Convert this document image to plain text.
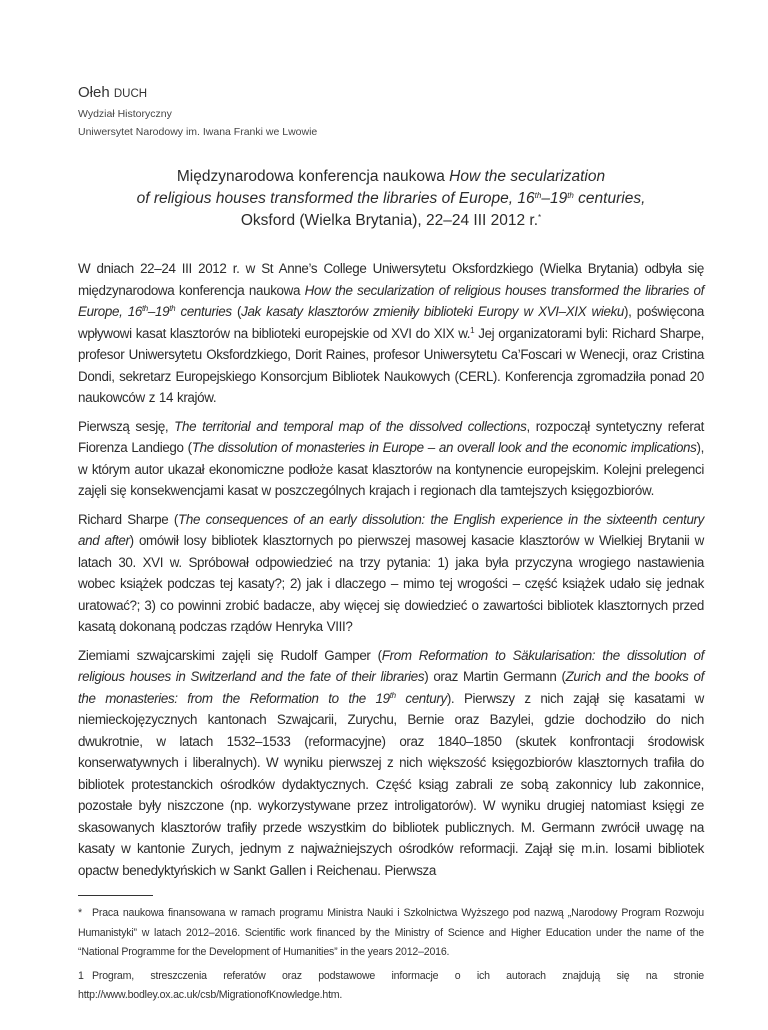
Ołeh DUCH
Wydział Historyczny
Uniwersytet Narodowy im. Iwana Franki we Lwowie
Międzynarodowa konferencja naukowa How the secularization
of religious houses transformed the libraries of Europe, 16th–19th centuries,
Oksford (Wielka Brytania), 22–24 III 2012 r.*

W dniach 22–24 III 2012 r. w St Anne’s College Uniwersytetu Oksfordzkiego (Wielka Brytania) odbyła się międzynarodowa konferencja naukowa How the secularization of religious houses transformed the libraries of Europe, 16th–19th centuries (Jak kasaty klasztorów zmieniły biblioteki Europy w XVI–XIX wieku), poświęcona wpływowi kasat klasztorów na biblioteki europejskie od XVI do XIX w.$^1$ Jej organizatorami byli: Richard Sharpe, profesor Uniwersytetu Oksfordzkiego, Dorit Raines, profesor Uniwersytetu Ca’Foscari w Wenecji, oraz Cristina Dondi, sekretarz Europejskiego Konsorcjum Bibliotek Naukowych (CERL). Konferencja zgromadziła ponad 20 naukowców z 14 krajów.

Pierwszą sesję, The territorial and temporal map of the dissolved collections, rozpoczął syntetyczny referat Fiorenza Landiego (The dissolution of monasteries in Europe – an overall look and the economic implications), w którym autor ukazał ekonomiczne podłoże kasat klasztorów na kontynencie europejskim. Kolejni prelegenci zajęli się konsekwencjami kasat w poszczególnych krajach i regionach dla tamtejszych księgozbiorów.

Richard Sharpe (The consequences of an early dissolution: the English experience in the sixteenth century and after) omówił losy bibliotek klasztornych po pierwszej masowej kasacie klasztorów w Wielkiej Brytanii w latach 30. XVI w. Spróbował odpowiedzieć na trzy pytania: 1) jaka była przyczyna wrogiego nastawienia wobec książek podczas tej kasaty?; 2) jak i dlaczego – mimo tej wrogości – część książek udało się jednak uratować?; 3) co powinni zrobić badacze, aby więcej się dowiedzieć o zawartości bibliotek klasztornych przed kasatą dokonaną podczas rządów Henryka VIII?

Ziemiami szwajcarskimi zajęli się Rudolf Gamper (From Reformation to Säkularisation: the dissolution of religious houses in Switzerland and the fate of their libraries) oraz Martin Germann (Zurich and the books of the monasteries: from the Reformation to the 19th century). Pierwszy z nich zajął się kasatami w niemieckojęzycznych kantonach Szwajcarii, Zurychu, Bernie oraz Bazylei, gdzie dochodziło do nich dwukrotnie, w latach 1532–1533 (reformacyjne) oraz 1840–1850 (skutek konfrontacji środowisk konserwatywnych i liberalnych). W wyniku pierwszej z nich większość księgozbiorów klasztornych trafiła do bibliotek protestanckich ośrodków dydaktycznych. Część ksiąg zabrali ze sobą zakonnicy lub zakonnice, pozostałe były niszczone (np. wykorzystywane przez introligatorów). W wyniku drugiej natomiast księgi ze skasowanych klasztorów trafiły przede wszystkim do bibliotek publicznych. M. Germann zwrócił uwagę na kasaty w kantonie Zurych, jednym z najważniejszych ośrodków reformacji. Zajął się m.in. losami bibliotek opactw benedyktyńskich w Sankt Gallen i Reichenau. Pierwsza

* Praca naukowa finansowana w ramach programu Ministra Nauki i Szkolnictwa Wyższego pod nazwą „Narodowy Program Rozwoju Humanistyki” w latach 2012–2016. Scientific work financed by the Ministry of Science and Higher Education under the name of the “National Programme for the Development of Humanities” in the years 2012–2016.

1 Program, streszczenia referatów oraz podstawowe informacje o ich autorach znajdują się na stronie http://www.bodley.ox.ac.uk/csb/MigrationofKnowledge.htm.
